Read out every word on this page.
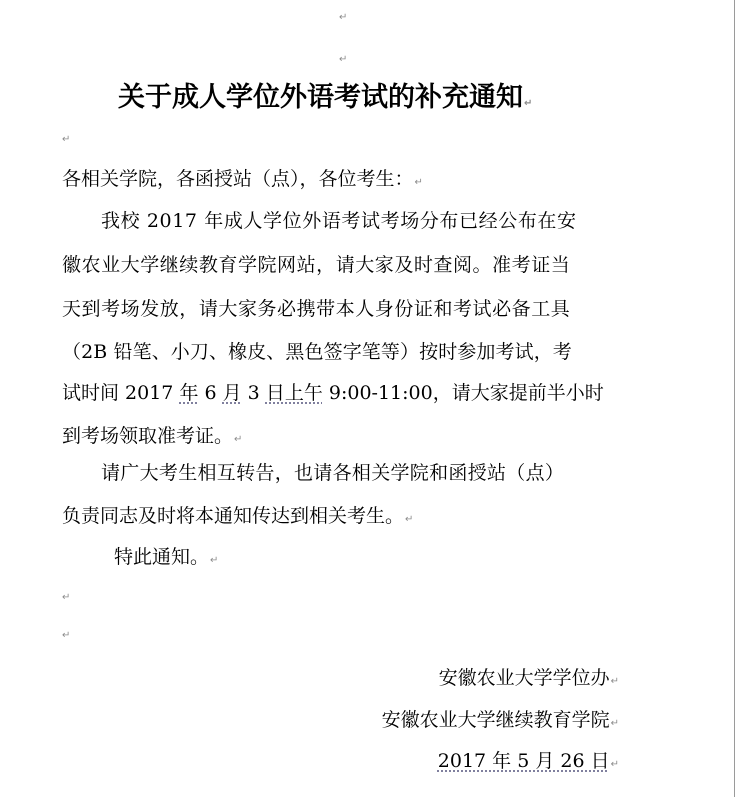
↵
↵
关于成人学位外语考试的补充通知↵
↵
各相关学院，各函授站（点），各位考生：↵
我校 2017 年成人学位外语考试考场分布已经公布在安
徽农业大学继续教育学院网站，请大家及时查阅。准考证当
天到考场发放，请大家务必携带本人身份证和考试必备工具
（2B 铅笔、小刀、橡皮、黑色签字笔等）按时参加考试，考
试时间 2017 年 6 月 3 日上午 9:00-11:00，请大家提前半小时
到考场领取准考证。↵
请广大考生相互转告，也请各相关学院和函授站（点）
负责同志及时将本通知传达到相关考生。↵
特此通知。↵
↵
↵
安徽农业大学学位办↵
安徽农业大学继续教育学院↵
2017 年 5 月 26 日↵
